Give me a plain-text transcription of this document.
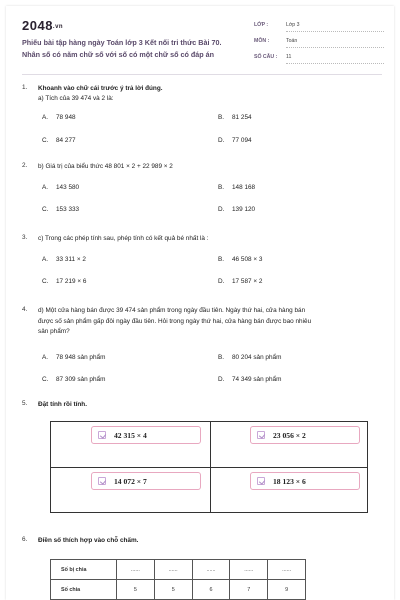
2048.vn
Phiếu bài tập hàng ngày Toán lớp 3 Kết nối tri thức Bài 70.
Nhân số có năm chữ số với số có một chữ số có đáp án
LỚP :	Lớp 3
MÔN :	Toán
SỐ CÂU : 11
1. Khoanh vào chữ cái trước ý trả lời đúng.
a) Tích của 39 474 và 2 là:
A. 78 948	B. 81 254
C. 84 277	D. 77 094
2. b) Giá trị của biểu thức 48 801 × 2 + 22 989 × 2
A. 143 580	B. 148 168
C. 153 333	D. 139 120
3. c) Trong các phép tính sau, phép tính có kết quả bé nhất là :
A. 33 311 × 2	B. 46 508 × 3
C. 17 219 × 6	D. 17 587 × 2
4. d) Một cửa hàng bán được 39 474 sản phẩm trong ngày đầu tiên. Ngày thứ hai, cửa hàng bán
được số sản phẩm gấp đôi ngày đầu tiên. Hỏi trong ngày thứ hai, cửa hàng bán được bao nhiêu
sản phẩm?
A. 78 948 sản phẩm	B. 80 204 sản phẩm
C. 87 309 sản phẩm	D. 74 349 sản phẩm
5. Đặt tính rồi tính.
42 315 × 4	23 056 × 2
14 072 × 7	18 123 × 6
6. Điền số thích hợp vào chỗ chấm.
Số bị chia	......	......	......	......	......
Số chia	5	5	6	7	9
